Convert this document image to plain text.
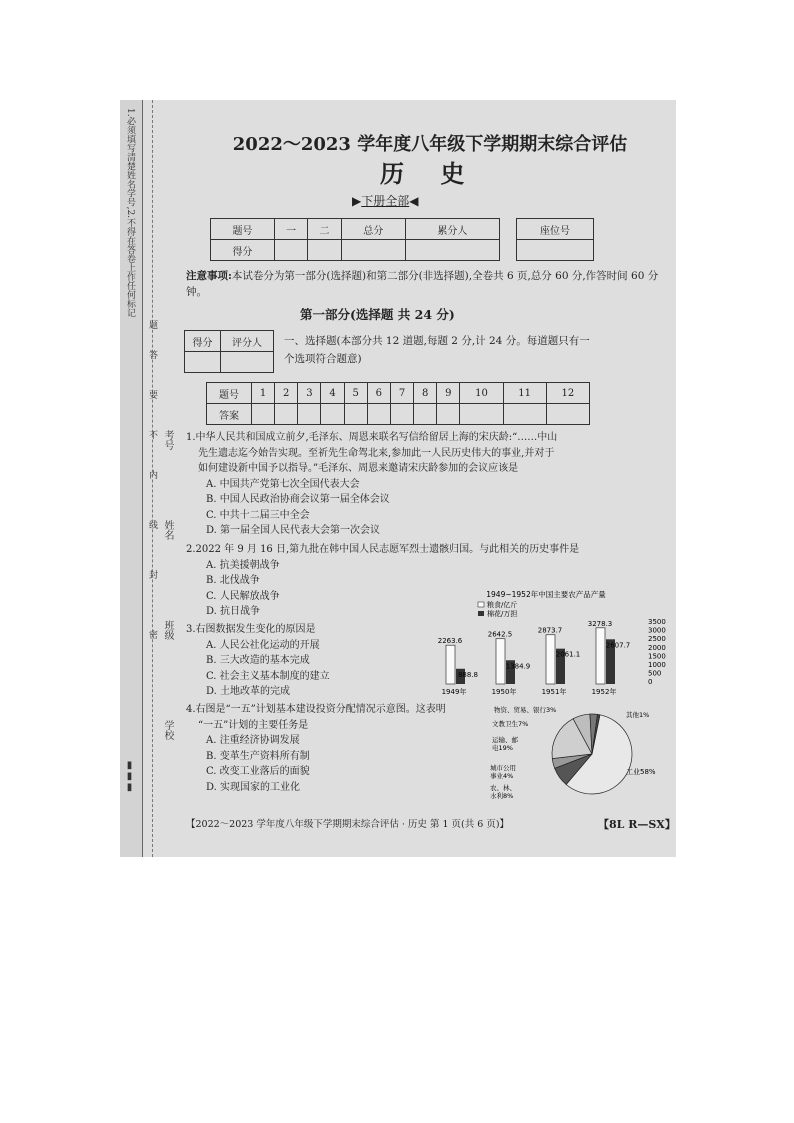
1.必须填写清楚姓名学号,2.不得在答卷上作任何标记
▮▮▮
题
答
要
不
内
线
封
密
考号
姓名
班级
学校
2022～2023 学年度八年级下学期期末综合评估
历 史
▶下册全部◀
题号	一	二	总分	累分人
得分				
座位号

注意事项:本试卷分为第一部分(选择题)和第二部分(非选择题),全卷共 6 页,总分 60 分,作答时间 60 分钟。
第一部分(选择题 共 24 分)
得分	评分人
	一、选择题(本部分共 12 道题,每题 2 分,计 24 分。每道题只有一
个选项符合题意)
题号	1	2	3	4	5	6	7	8	9	10	11	12
答案												
1.中华人民共和国成立前夕,毛泽东、周恩来联名写信给留居上海的宋庆龄:“……中山
先生遗志迄今始告实现。至祈先生命驾北来,参加此一人民历史伟大的事业,并对于
如何建设新中国予以指导。”毛泽东、周恩来邀请宋庆龄参加的会议应该是
A. 中国共产党第七次全国代表大会
B. 中国人民政治协商会议第一届全体会议
C. 中共十二届三中全会
D. 第一届全国人民代表大会第一次会议
2.2022 年 9 月 16 日,第九批在韩中国人民志愿军烈士遗骸归国。与此相关的历史事件是
A. 抗美援朝战争
B. 北伐战争
C. 人民解放战争
D. 抗日战争
3.右图数据发生变化的原因是
A. 人民公社化运动的开展
B. 三大改造的基本完成
C. 社会主义基本制度的建立
D. 土地改革的完成
4.右图是“一五”计划基本建设投资分配情况示意图。这表明
“一五”计划的主要任务是
A. 注重经济协调发展
B. 变革生产资料所有制
C. 改变工业落后的面貌
D. 实现国家的工业化
1949~1952年中国主要农产品产量
粮食/亿斤
棉花/万担
2263.6
888.8
1949年
2642.5
1384.9
1950年
2873.7
2061.1
1951年
3278.3
2607.7
1952年
3500
3000
2500
2000
1500
1000
500
0
物资、贸易、银行3%
其他1%
文教卫生7%
运输、邮电19%
城市公用事业4%
农、林、水利8%
工业58%
【2022～2023 学年度八年级下学期期末综合评估 · 历史 第 1 页(共 6 页)】	【8L R—SX】
